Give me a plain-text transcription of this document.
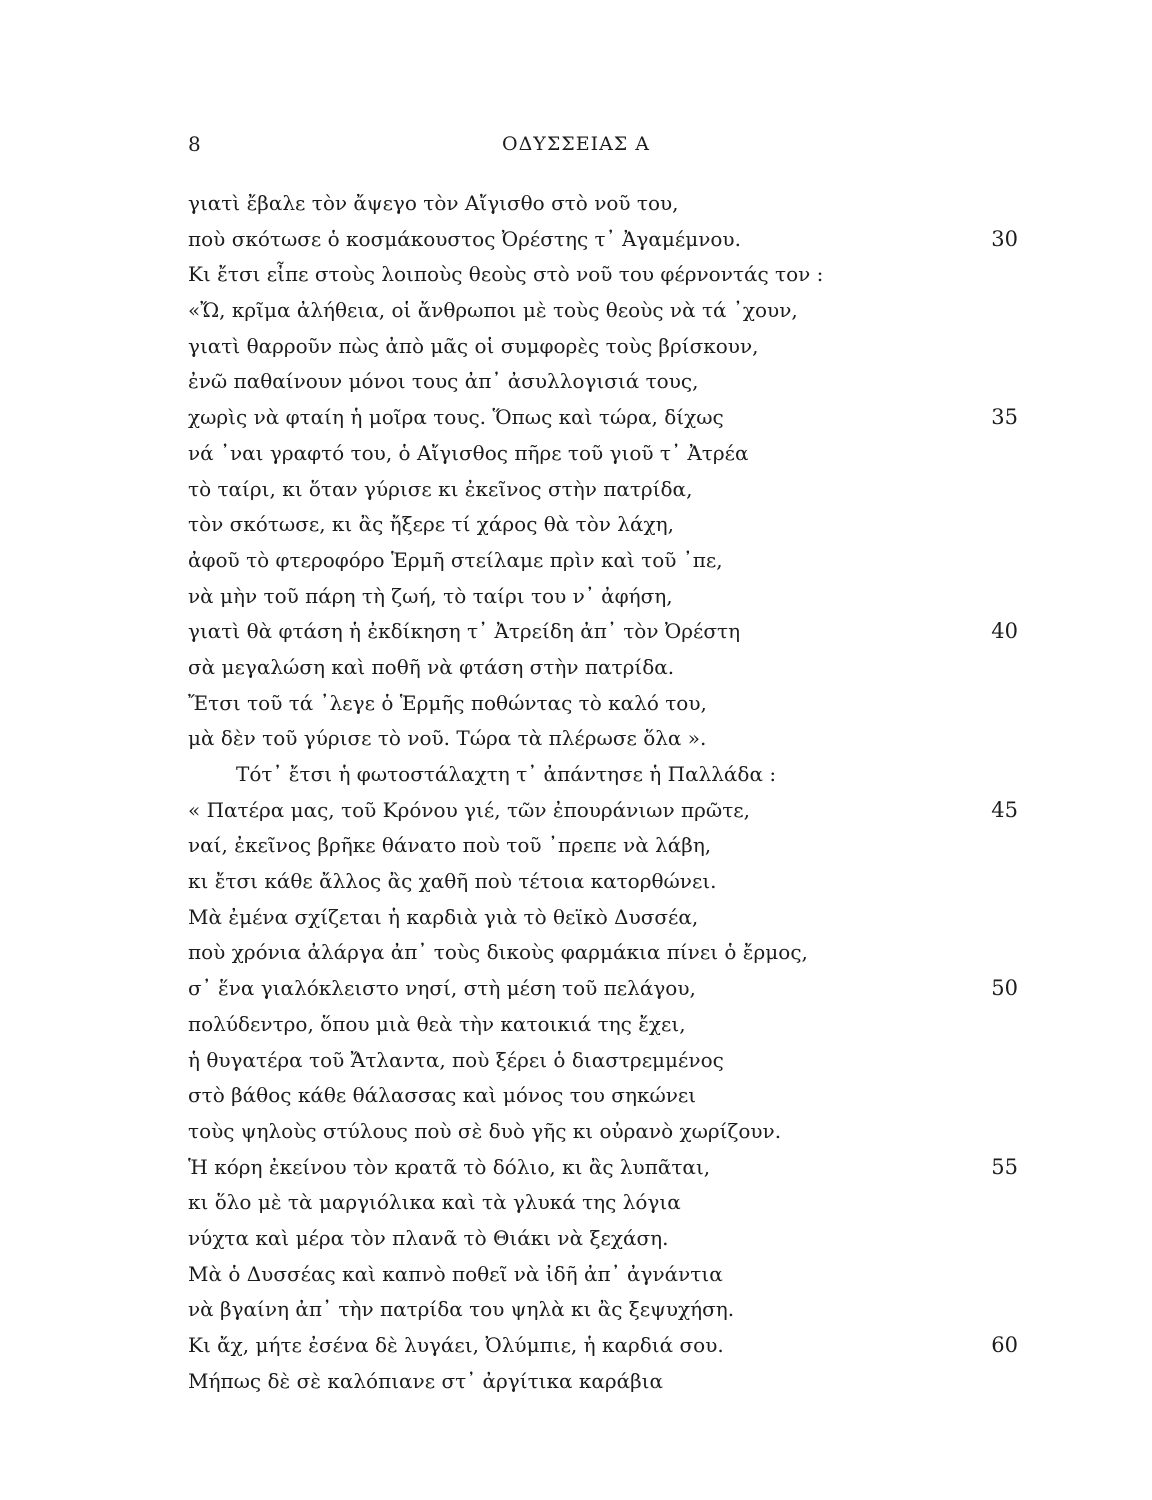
8	ΟΔΥΣΣΕΙΑΣ Α
γιατὶ ἔβαλε τὸν ἄψεγο τὸν Αἴγισθο στὸ νοῦ του,
ποὺ σκότωσε ὁ κοσμάκουστος Ὀρέστης τ᾽ Ἀγαμέμνου.	30
Κι ἔτσι εἶπε στοὺς λοιποὺς θεοὺς στὸ νοῦ του φέρνοντάς τον :
«Ὤ, κρῖμα ἀλήθεια, οἱ ἄνθρωποι μὲ τοὺς θεοὺς νὰ τά ᾽χουν,
γιατὶ θαρροῦν πὼς ἀπὸ μᾶς οἱ συμφορὲς τοὺς βρίσκουν,
ἐνῶ παθαίνουν μόνοι τους ἀπ᾽ ἀσυλλογισιά τους,
χωρὶς νὰ φταίη ἡ μοῖρα τους. Ὅπως καὶ τώρα, δίχως	35
νά ᾽ναι γραφτό του, ὁ Αἴγισθος πῆρε τοῦ γιοῦ τ᾽ Ἀτρέα
τὸ ταίρι, κι ὅταν γύρισε κι ἐκεῖνος στὴν πατρίδα,
τὸν σκότωσε, κι ἂς ἤξερε τί χάρος θὰ τὸν λάχη,
ἀφοῦ τὸ φτεροφόρο Ἑρμῆ στείλαμε πρὶν καὶ τοῦ ᾽πε,
νὰ μὴν τοῦ πάρη τὴ ζωή, τὸ ταίρι του ν᾽ ἀφήση,
γιατὶ θὰ φτάση ἡ ἐκδίκηση τ᾽ Ἀτρείδη ἀπ᾽ τὸν Ὀρέστη	40
σὰ μεγαλώση καὶ ποθῆ νὰ φτάση στὴν πατρίδα.
Ἔτσι τοῦ τά ᾽λεγε ὁ Ἑρμῆς ποθώντας τὸ καλό του,
μὰ δὲν τοῦ γύρισε τὸ νοῦ. Τώρα τὰ πλέρωσε ὅλα ».
Τότ᾽ ἔτσι ἡ φωτοστάλαχτη τ᾽ ἀπάντησε ἡ Παλλάδα :
« Πατέρα μας, τοῦ Κρόνου γιέ, τῶν ἐπουράνιων πρῶτε,	45
ναί, ἐκεῖνος βρῆκε θάνατο ποὺ τοῦ ᾽πρεπε νὰ λάβη,
κι ἔτσι κάθε ἄλλος ἂς χαθῆ ποὺ τέτοια κατορθώνει.
Μὰ ἐμένα σχίζεται ἡ καρδιὰ γιὰ τὸ θεϊκὸ Δυσσέα,
ποὺ χρόνια ἀλάργα ἀπ᾽ τοὺς δικοὺς φαρμάκια πίνει ὁ ἔρμος,
σ᾽ ἕνα γιαλόκλειστο νησί, στὴ μέση τοῦ πελάγου,	50
πολύδεντρο, ὅπου μιὰ θεὰ τὴν κατοικιά της ἔχει,
ἡ θυγατέρα τοῦ Ἄτλαντα, ποὺ ξέρει ὁ διαστρεμμένος
στὸ βάθος κάθε θάλασσας καὶ μόνος του σηκώνει
τοὺς ψηλοὺς στύλους ποὺ σὲ δυὸ γῆς κι οὐρανὸ χωρίζουν.
Ἡ κόρη ἐκείνου τὸν κρατᾶ τὸ δόλιο, κι ἂς λυπᾶται,	55
κι ὅλο μὲ τὰ μαργιόλικα καὶ τὰ γλυκά της λόγια
νύχτα καὶ μέρα τὸν πλανᾶ τὸ Θιάκι νὰ ξεχάση.
Μὰ ὁ Δυσσέας καὶ καπνὸ ποθεῖ νὰ ἰδῆ ἀπ᾽ ἀγνάντια
νὰ βγαίνη ἀπ᾽ τὴν πατρίδα του ψηλὰ κι ἂς ξεψυχήση.
Κι ἄχ, μήτε ἐσένα δὲ λυγάει, Ὀλύμπιε, ἡ καρδιά σου.	60
Μήπως δὲ σὲ καλόπιανε στ᾽ ἀργίτικα καράβια
